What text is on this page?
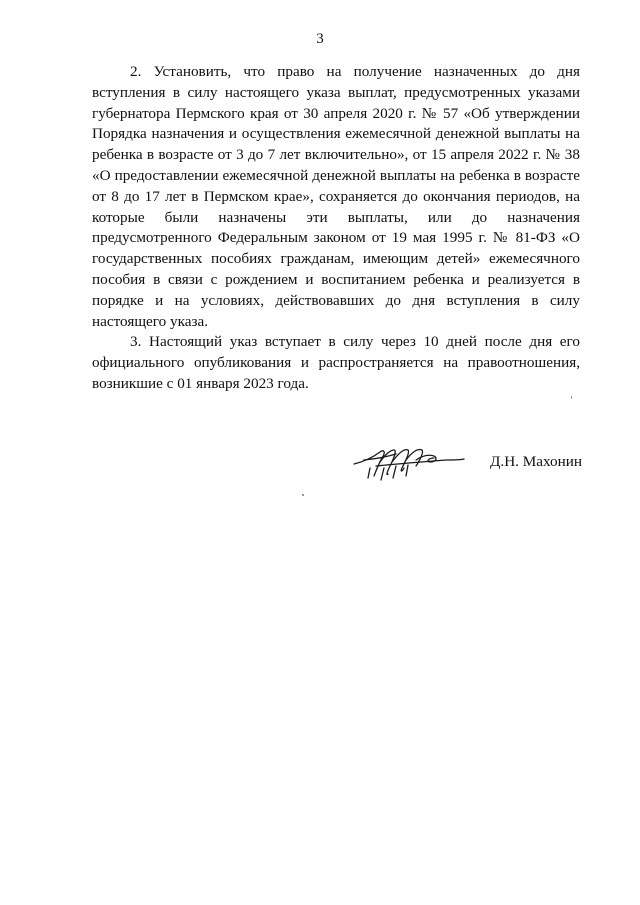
3

2. Установить, что право на получение назначенных до дня вступления в силу настоящего указа выплат, предусмотренных указами губернатора Пермского края от 30 апреля 2020 г. № 57 «Об утверждении Порядка назначения и осуществления ежемесячной денежной выплаты на ребенка в возрасте от 3 до 7 лет включительно», от 15 апреля 2022 г. № 38 «О предоставлении ежемесячной денежной выплаты на ребенка в возрасте от 8 до 17 лет в Пермском крае», сохраняется до окончания периодов, на которые были назначены эти выплаты, или до назначения предусмотренного Федеральным законом от 19 мая 1995 г. № 81-ФЗ «О государственных пособиях гражданам, имеющим детей» ежемесячного пособия в связи с рождением и воспитанием ребенка и реализуется в порядке и на условиях, действовавших до дня вступления в силу настоящего указа.

3. Настоящий указ вступает в силу через 10 дней после дня его официального опубликования и распространяется на правоотношения, возникшие с 01 января 2023 года.

Д.Н. Махонин
